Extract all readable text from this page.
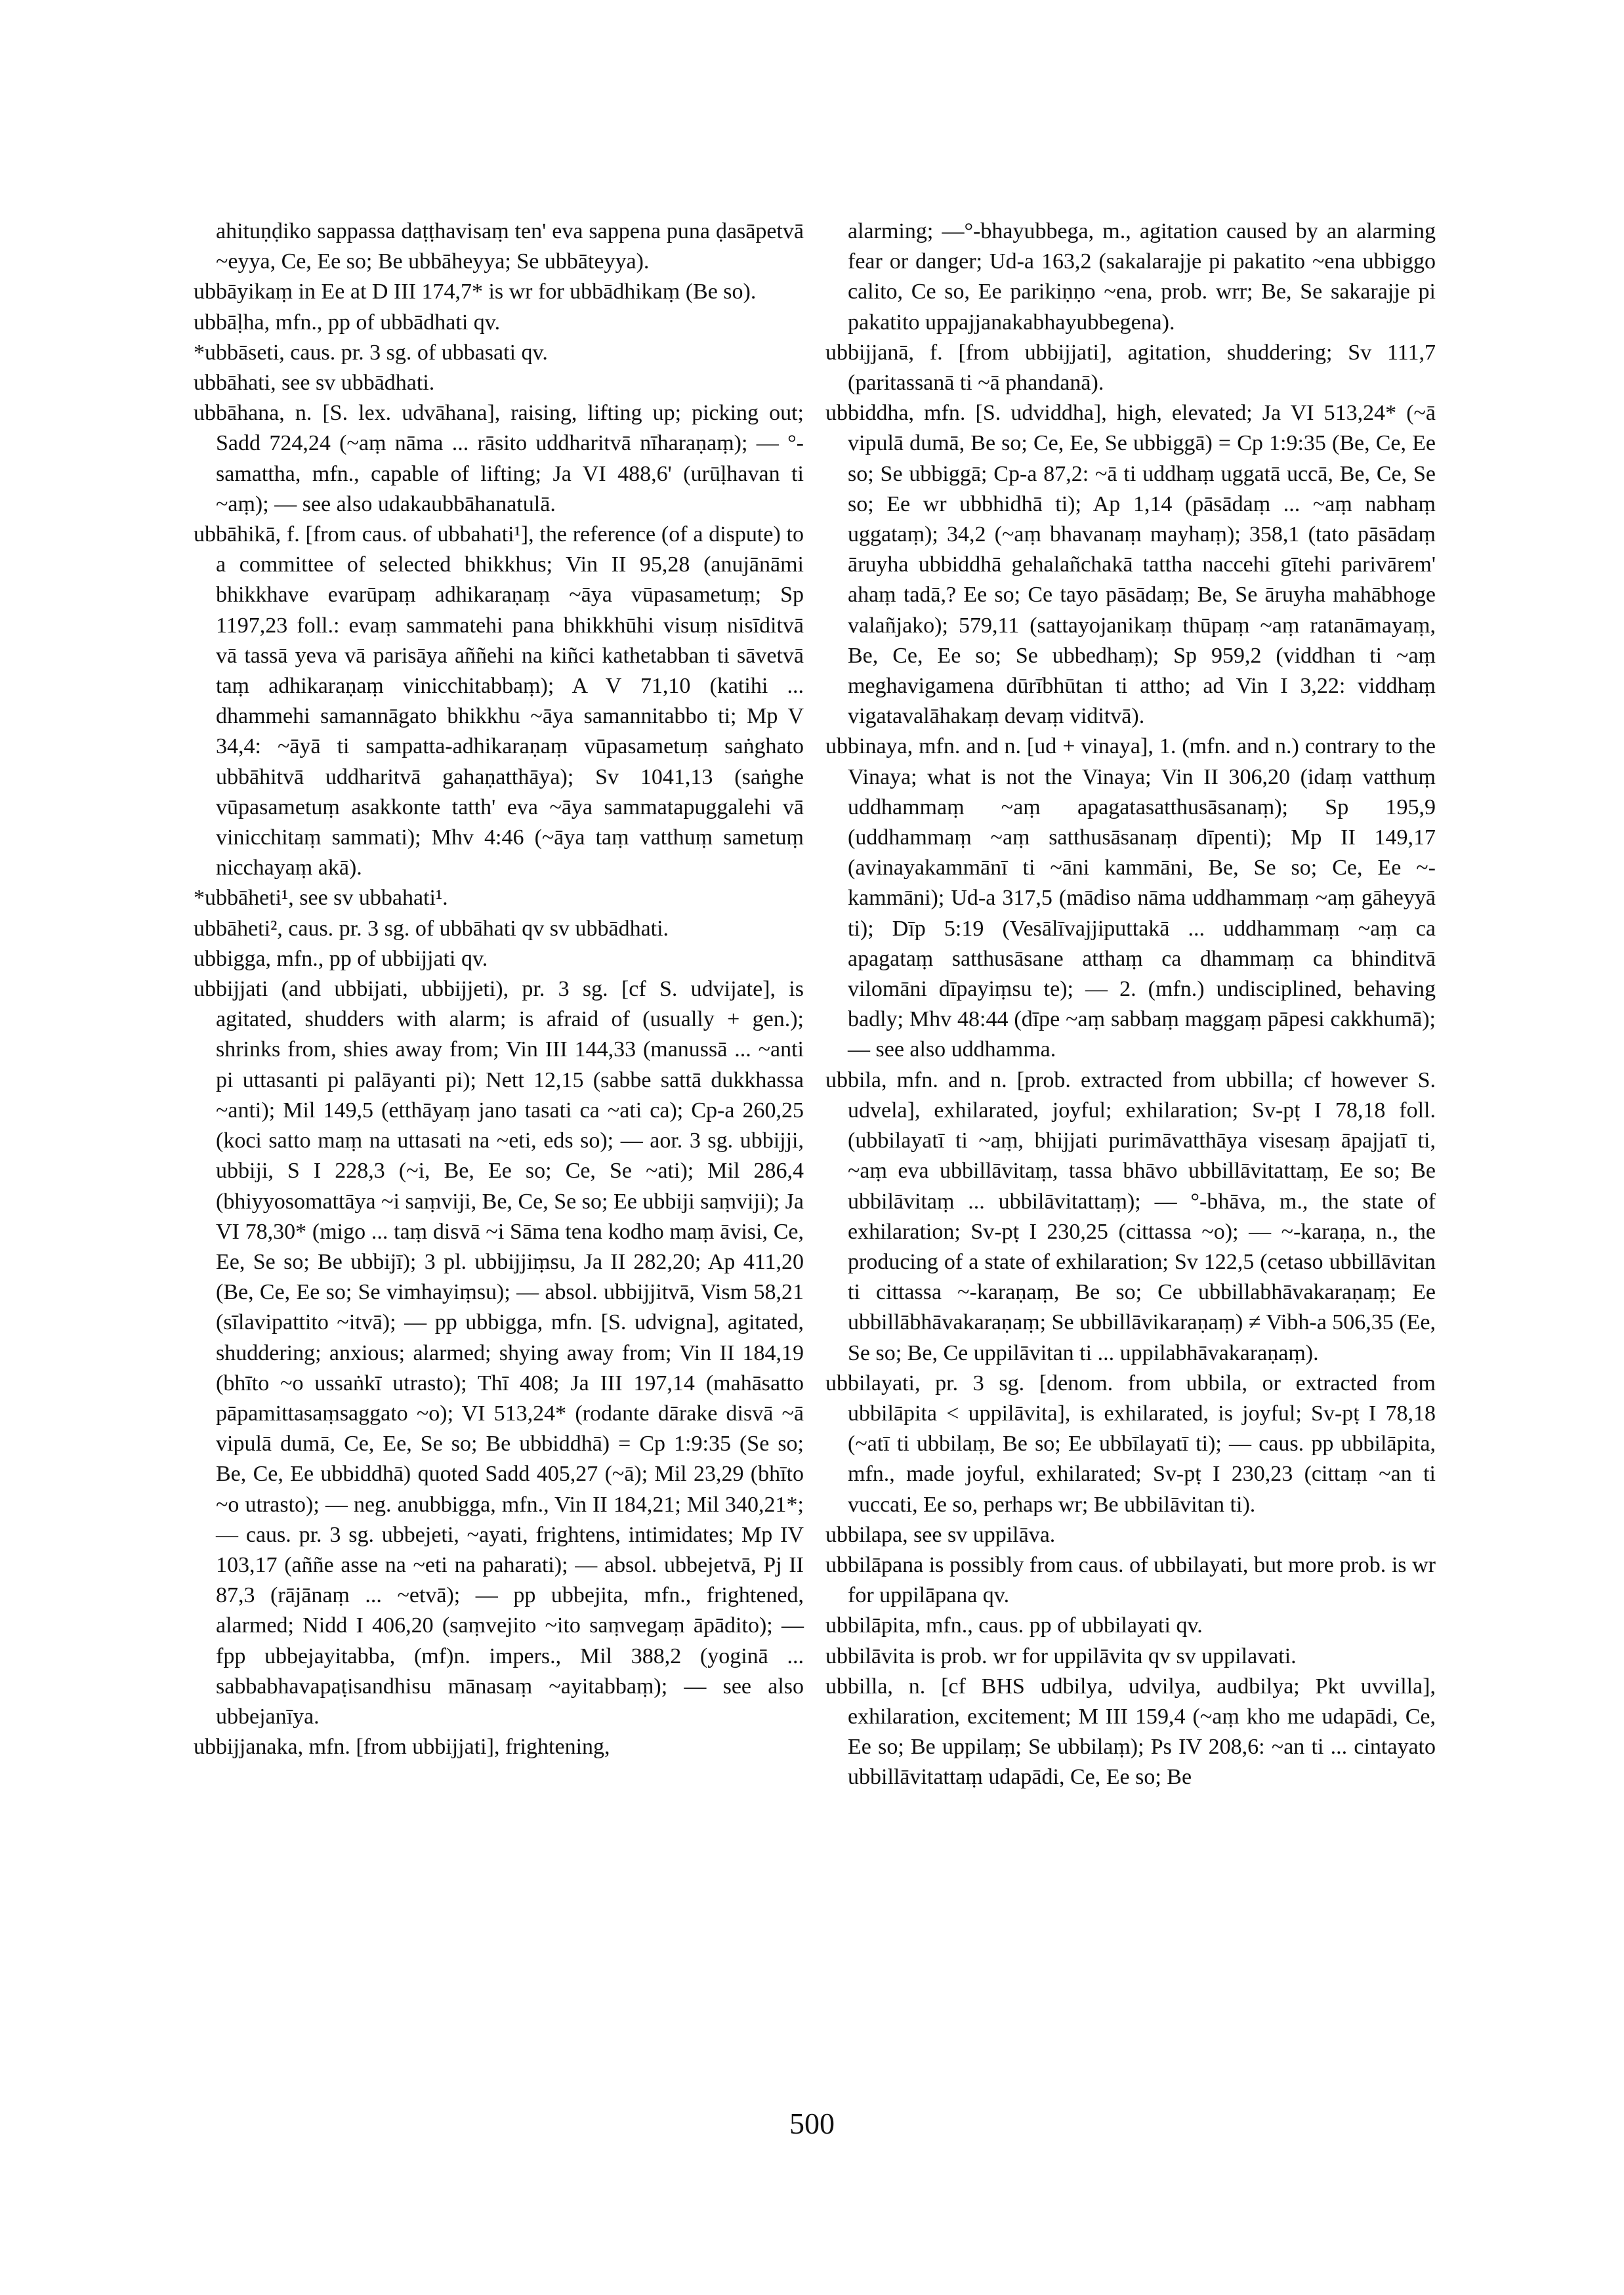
ahituṇḍiko sappassa daṭṭhavisaṃ ten' eva sappena puna ḍasāpetvā ~eyya, Ce, Ee so; Be ubbāheyya; Se ubbāteyya).

ubbāyikaṃ in Ee at D III 174,7* is wr for ubbādhikaṃ (Be so).

ubbāḷha, mfn., pp of ubbādhati qv.

*ubbāseti, caus. pr. 3 sg. of ubbasati qv.

ubbāhati, see sv ubbādhati.

ubbāhana, n. [S. lex. udvāhana], raising, lifting up; picking out; Sadd 724,24 (~aṃ nāma ... rāsito uddharitvā nīharaṇaṃ); — °-samattha, mfn., capable of lifting; Ja VI 488,6' (urūḷhavan ti ~aṃ); — see also udakaubbāhanatulā.

ubbāhikā, f. [from caus. of ubbahati¹], the reference (of a dispute) to a committee of selected bhikkhus; Vin II 95,28 (anujānāmi bhikkhave evarūpaṃ adhikaraṇaṃ ~āya vūpasametuṃ; Sp 1197,23 foll.: evaṃ sammatehi pana bhikkhūhi visuṃ nisīditvā vā tassā yeva vā parisāya aññehi na kiñci kathetabban ti sāvetvā taṃ adhikaraṇaṃ vinicchitabbaṃ); A V 71,10 (katihi ... dhammehi samannāgato bhikkhu ~āya samannitabbo ti; Mp V 34,4: ~āyā ti sampatta-adhikaraṇaṃ vūpasametuṃ saṅghato ubbāhitvā uddharitvā gahaṇatthāya); Sv 1041,13 (saṅghe vūpasametuṃ asakkonte tatth' eva ~āya sammatapuggalehi vā vinicchitaṃ sammati); Mhv 4:46 (~āya taṃ vatthuṃ sametuṃ nicchayaṃ akā).

*ubbāheti¹, see sv ubbahati¹.

ubbāheti², caus. pr. 3 sg. of ubbāhati qv sv ubbādhati.

ubbigga, mfn., pp of ubbijjati qv.

ubbijjati (and ubbijati, ubbijjeti), pr. 3 sg. [cf S. udvijate], is agitated, shudders with alarm; is afraid of (usually + gen.); shrinks from, shies away from; Vin III 144,33 (manussā ... ~anti pi uttasanti pi palāyanti pi); Nett 12,15 (sabbe sattā dukkhassa ~anti); Mil 149,5 (etthāyaṃ jano tasati ca ~ati ca); Cp-a 260,25 (koci satto maṃ na uttasati na ~eti, eds so); — aor. 3 sg. ubbijji, ubbiji, S I 228,3 (~i, Be, Ee so; Ce, Se ~ati); Mil 286,4 (bhiyyosomattāya ~i saṃviji, Be, Ce, Se so; Ee ubbiji saṃviji); Ja VI 78,30* (migo ... taṃ disvā ~i Sāma tena kodho maṃ āvisi, Ce, Ee, Se so; Be ubbijī); 3 pl. ubbijjiṃsu, Ja II 282,20; Ap 411,20 (Be, Ce, Ee so; Se vimhayiṃsu); — absol. ubbijjitvā, Vism 58,21 (sīlavipattito ~itvā); — pp ubbigga, mfn. [S. udvigna], agitated, shuddering; anxious; alarmed; shying away from; Vin II 184,19 (bhīto ~o ussaṅkī utrasto); Thī 408; Ja III 197,14 (mahāsatto pāpamittasaṃsaggato ~o); VI 513,24* (rodante dārake disvā ~ā vipulā dumā, Ce, Ee, Se so; Be ubbiddhā) = Cp 1:9:35 (Se so; Be, Ce, Ee ubbiddhā) quoted Sadd 405,27 (~ā); Mil 23,29 (bhīto ~o utrasto); — neg. anubbigga, mfn., Vin II 184,21; Mil 340,21*; — caus. pr. 3 sg. ubbejeti, ~ayati, frightens, intimidates; Mp IV 103,17 (aññe asse na ~eti na paharati); — absol. ubbejetvā, Pj II 87,3 (rājānaṃ ... ~etvā); — pp ubbejita, mfn., frightened, alarmed; Nidd I 406,20 (saṃvejito ~ito saṃvegaṃ āpādito); — fpp ubbejayitabba, (mf)n. impers., Mil 388,2 (yoginā ... sabbabhavapaṭisandhisu mānasaṃ ~ayitabbaṃ); — see also ubbejanīya.

ubbijjanaka, mfn. [from ubbijjati], frightening,

alarming; —°-bhayubbega, m., agitation caused by an alarming fear or danger; Ud-a 163,2 (sakalarajje pi pakatito ~ena ubbiggo calito, Ce so, Ee parikiṇṇo ~ena, prob. wrr; Be, Se sakarajje pi pakatito uppajjanakabhayubbegena).

ubbijjanā, f. [from ubbijjati], agitation, shuddering; Sv 111,7 (paritassanā ti ~ā phandanā).

ubbiddha, mfn. [S. udviddha], high, elevated; Ja VI 513,24* (~ā vipulā dumā, Be so; Ce, Ee, Se ubbiggā) = Cp 1:9:35 (Be, Ce, Ee so; Se ubbiggā; Cp-a 87,2: ~ā ti uddhaṃ uggatā uccā, Be, Ce, Se so; Ee wr ubbhidhā ti); Ap 1,14 (pāsādaṃ ... ~aṃ nabhaṃ uggataṃ); 34,2 (~aṃ bhavanaṃ mayhaṃ); 358,1 (tato pāsādaṃ āruyha ubbiddhā gehalañchakā tattha naccehi gītehi parivārem' ahaṃ tadā,? Ee so; Ce tayo pāsādaṃ; Be, Se āruyha mahābhoge valañjako); 579,11 (sattayojanikaṃ thūpaṃ ~aṃ ratanāmayaṃ, Be, Ce, Ee so; Se ubbedhaṃ); Sp 959,2 (viddhan ti ~aṃ meghavigamena dūrībhūtan ti attho; ad Vin I 3,22: viddhaṃ vigatavalāhakaṃ devaṃ viditvā).

ubbinaya, mfn. and n. [ud + vinaya], 1. (mfn. and n.) contrary to the Vinaya; what is not the Vinaya; Vin II 306,20 (idaṃ vatthuṃ uddhammaṃ ~aṃ apagatasatthusāsanaṃ); Sp 195,9 (uddhammaṃ ~aṃ satthusāsanaṃ dīpenti); Mp II 149,17 (avinayakammānī ti ~āni kammāni, Be, Se so; Ce, Ee ~-kammāni); Ud-a 317,5 (mādiso nāma uddhammaṃ ~aṃ gāheyyā ti); Dīp 5:19 (Vesālīvajjiputtakā ... uddhammaṃ ~aṃ ca apagataṃ satthusāsane atthaṃ ca dhammaṃ ca bhinditvā vilomāni dīpayiṃsu te); — 2. (mfn.) undisciplined, behaving badly; Mhv 48:44 (dīpe ~aṃ sabbaṃ maggaṃ pāpesi cakkhumā); — see also uddhamma.

ubbila, mfn. and n. [prob. extracted from ubbilla; cf however S. udvela], exhilarated, joyful; exhilaration; Sv-pṭ I 78,18 foll. (ubbilayatī ti ~aṃ, bhijjati purimāvatthāya visesaṃ āpajjatī ti, ~aṃ eva ubbillāvitaṃ, tassa bhāvo ubbillāvitattaṃ, Ee so; Be ubbilāvitaṃ ... ubbilāvitattaṃ); — °-bhāva, m., the state of exhilaration; Sv-pṭ I 230,25 (cittassa ~o); — ~-karaṇa, n., the producing of a state of exhilaration; Sv 122,5 (cetaso ubbillāvitan ti cittassa ~-karaṇaṃ, Be so; Ce ubbillabhāvakaraṇaṃ; Ee ubbillābhāvakaraṇaṃ; Se ubbillāvikaraṇaṃ) ≠ Vibh-a 506,35 (Ee, Se so; Be, Ce uppilāvitan ti ... uppilabhāvakaraṇaṃ).

ubbilayati, pr. 3 sg. [denom. from ubbila, or extracted from ubbilāpita < uppilāvita], is exhilarated, is joyful; Sv-pṭ I 78,18 (~atī ti ubbilaṃ, Be so; Ee ubbīlayatī ti); — caus. pp ubbilāpita, mfn., made joyful, exhilarated; Sv-pṭ I 230,23 (cittaṃ ~an ti vuccati, Ee so, perhaps wr; Be ubbilāvitan ti).

ubbilapa, see sv uppilāva.

ubbilāpana is possibly from caus. of ubbilayati, but more prob. is wr for uppilāpana qv.

ubbilāpita, mfn., caus. pp of ubbilayati qv.

ubbilāvita is prob. wr for uppilāvita qv sv uppilavati.

ubbilla, n. [cf BHS udbilya, udvilya, audbilya; Pkt uvvilla], exhilaration, excitement; M III 159,4 (~aṃ kho me udapādi, Ce, Ee so; Be uppilaṃ; Se ubbilaṃ); Ps IV 208,6: ~an ti ... cintayato ubbillāvitattaṃ udapādi, Ce, Ee so; Be

500
